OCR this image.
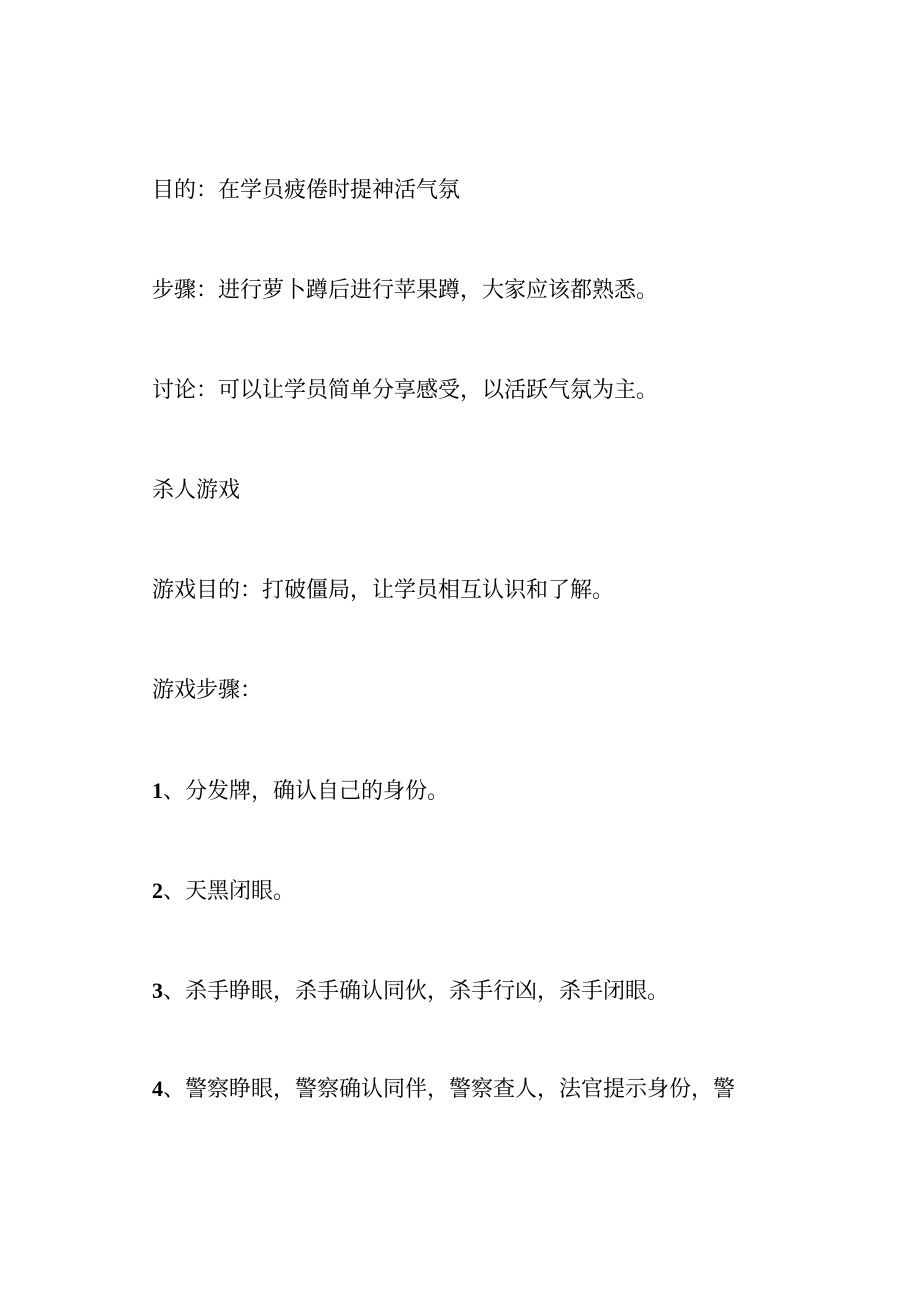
目的：在学员疲倦时提神活气氛
步骤：进行萝卜蹲后进行苹果蹲，大家应该都熟悉。
讨论：可以让学员简单分享感受，以活跃气氛为主。
杀人游戏
游戏目的：打破僵局，让学员相互认识和了解。
游戏步骤：
1、分发牌，确认自己的身份。
2、天黑闭眼。
3、杀手睁眼，杀手确认同伙，杀手行凶，杀手闭眼。
4、警察睁眼，警察确认同伴，警察查人，法官提示身份，警
